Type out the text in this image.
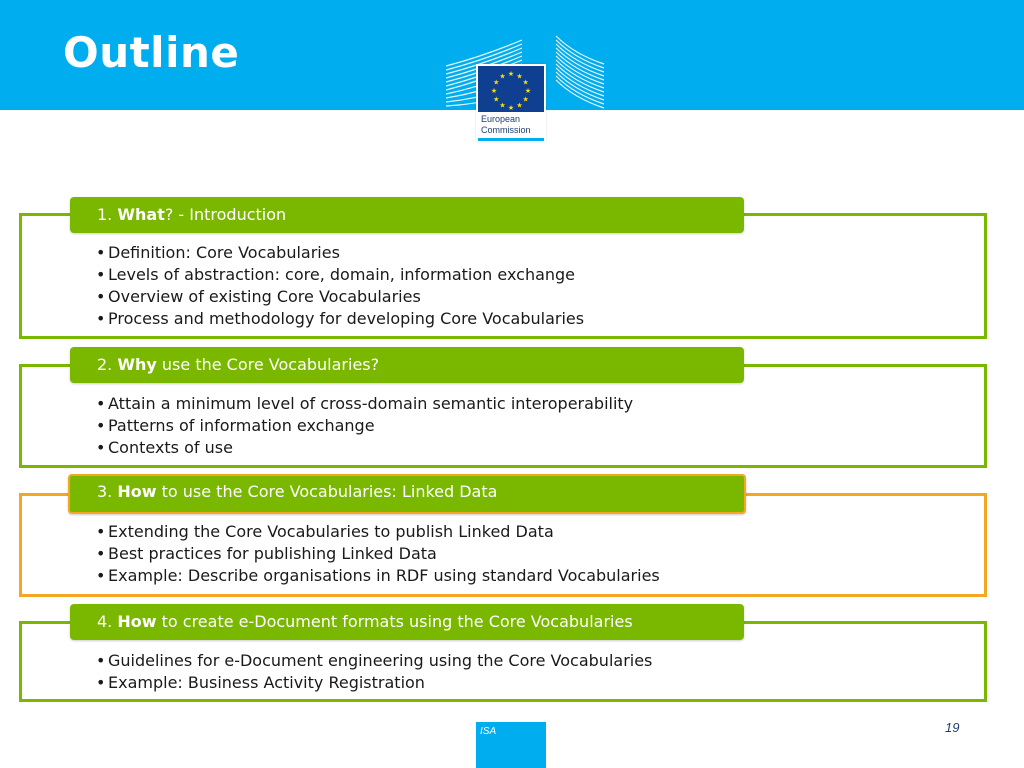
Outline	★ ★
★
★
★
★
★
★
★
★
★
★
European
Commission
1. What? - Introduction
• Definition: Core Vocabularies
• Levels of abstraction: core, domain, information exchange
• Overview of existing Core Vocabularies
• Process and methodology for developing Core Vocabularies
2. Why use the Core Vocabularies?
• Attain a minimum level of cross-domain semantic interoperability
• Patterns of information exchange
• Contexts of use
3. How to use the Core Vocabularies: Linked Data
• Extending the Core Vocabularies to publish Linked Data
• Best practices for publishing Linked Data
• Example: Describe organisations in RDF using standard Vocabularies
4. How to create e-Document formats using the Core Vocabularies
• Guidelines for e-Document engineering using the Core Vocabularies
• Example: Business Activity Registration
ISA	19
